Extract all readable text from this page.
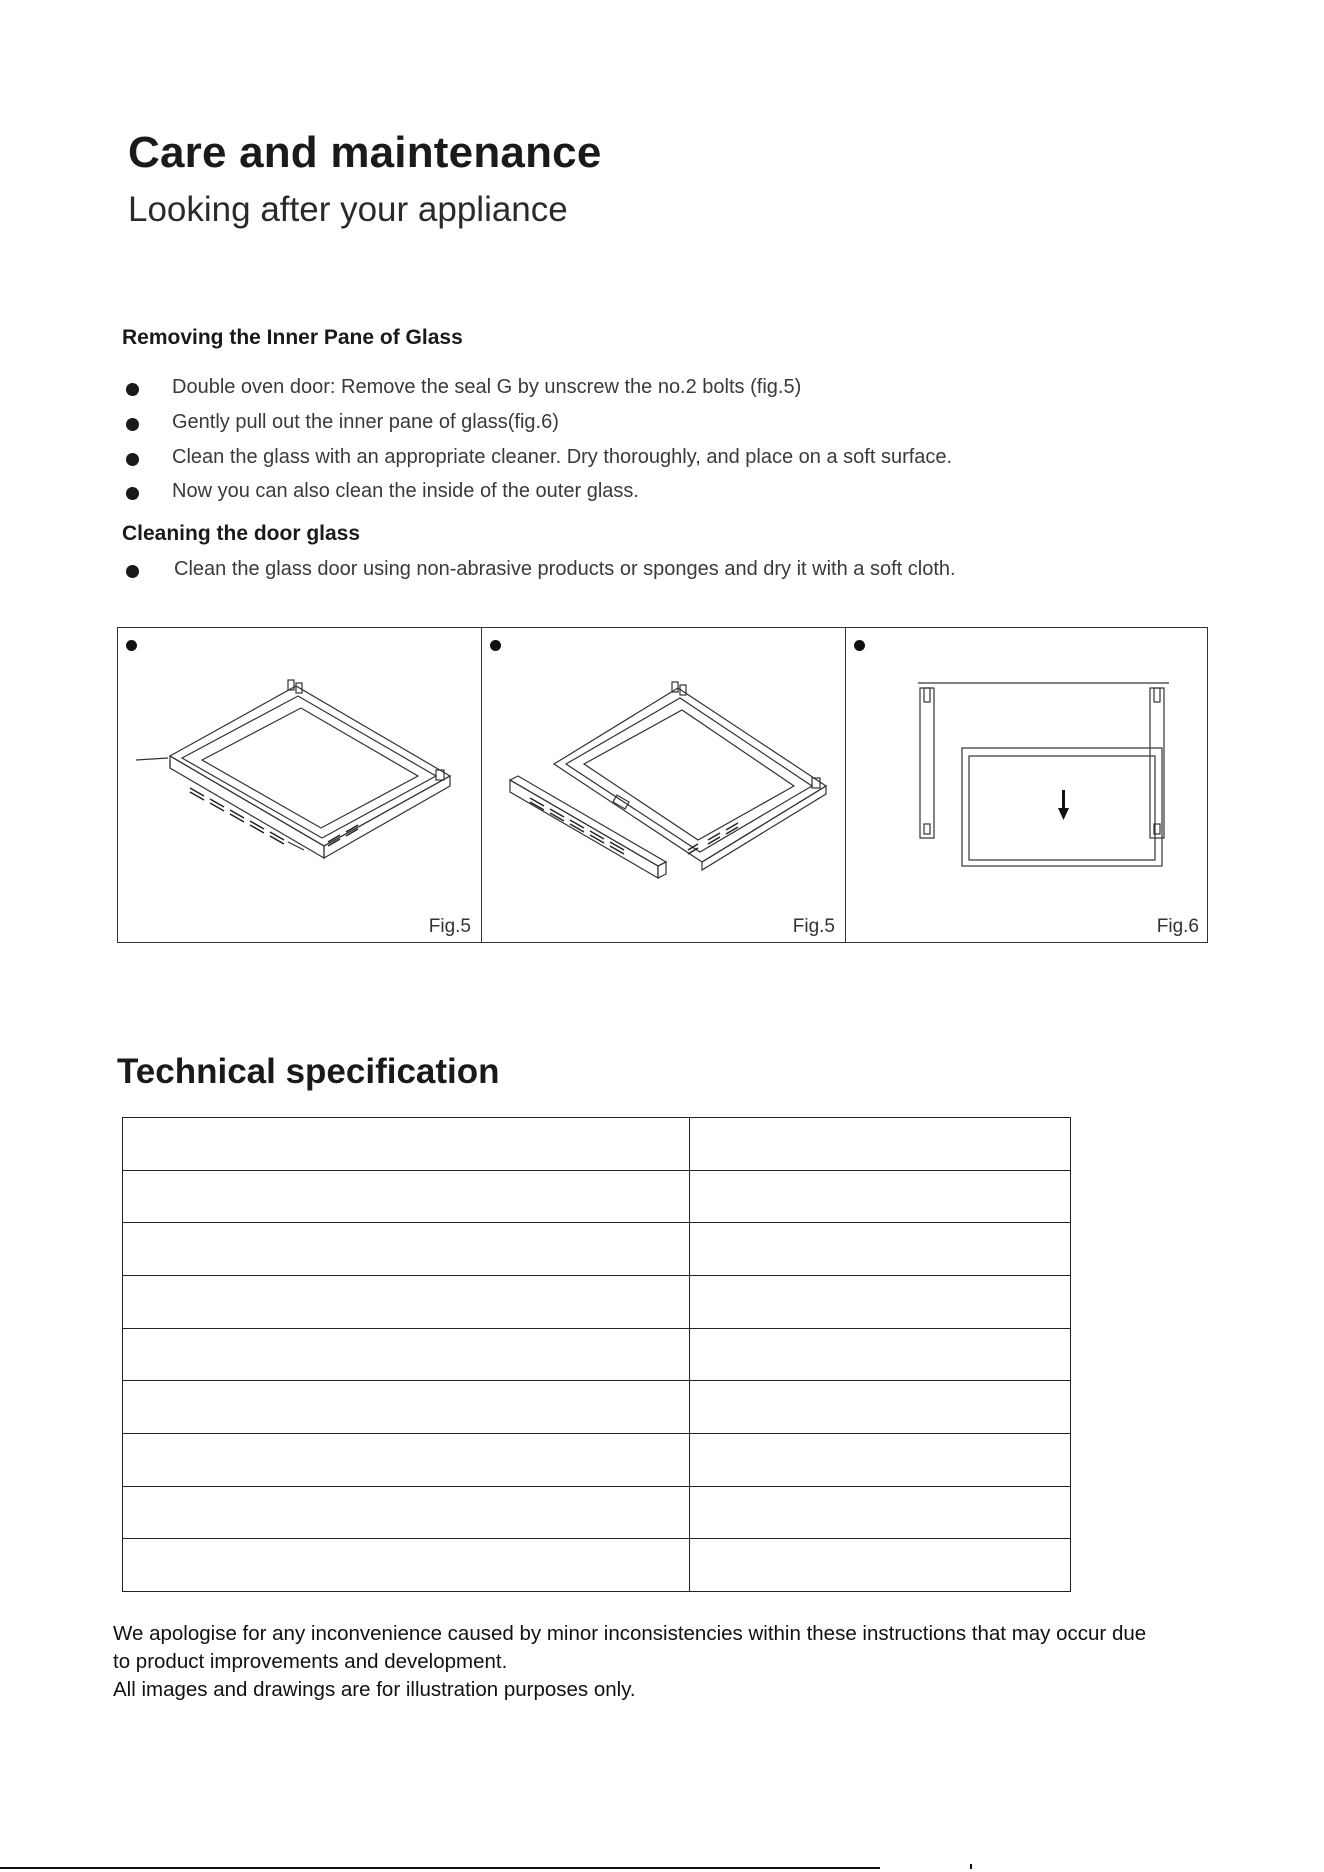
Care and maintenance
Looking after your appliance
Removing the Inner Pane of Glass
Double oven door: Remove the seal G by unscrew the no.2 bolts (fig.5)
Gently pull out the inner pane of glass(fig.6)
Clean the glass with an appropriate cleaner. Dry thoroughly, and place on a soft surface.
Now you can also clean the inside of the outer glass.
Cleaning the door glass
Clean the glass door using non-abrasive products or sponges and dry it with a soft cloth.
Fig.5	Fig.5	Fig.6
Technical specification

We apologise for any inconvenience caused by minor inconsistencies within these instructions that may occur due
to product improvements and development.
All images and drawings are for illustration purposes only.
